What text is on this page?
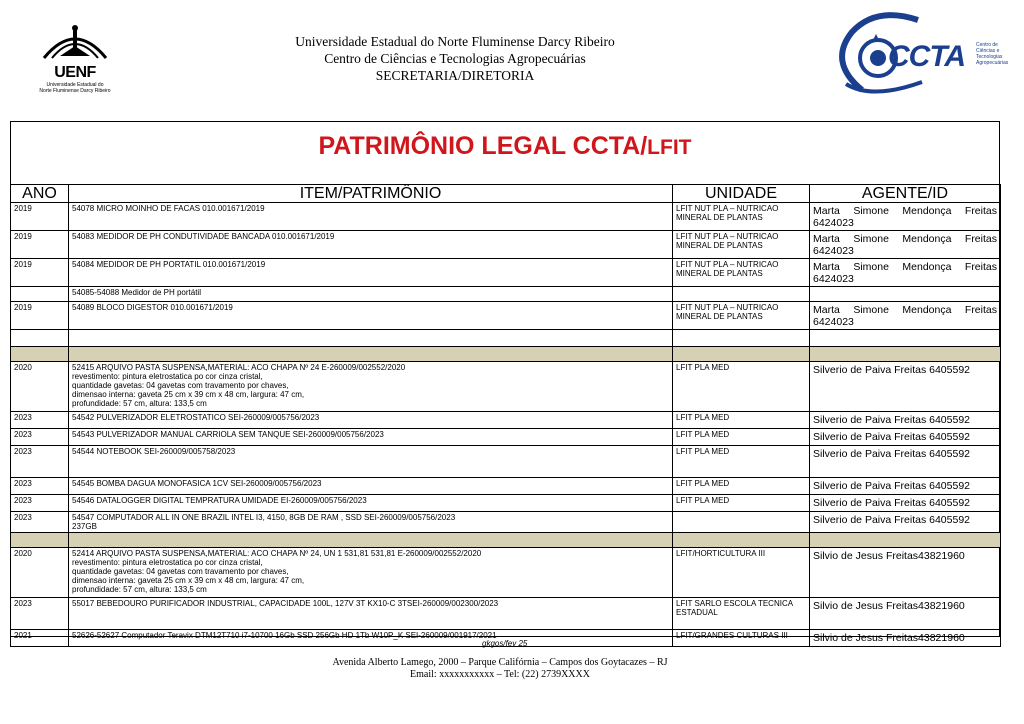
UENF
Universidade Estadual do
Norte Fluminense Darcy Ribeiro
Universidade Estadual do Norte Fluminense Darcy Ribeiro
Centro de Ciências e Tecnologias Agropecuárias
SECRETARIA/DIRETORIA
CCTA Centro de
Ciências e
Tecnologias
Agropecuárias
PATRIMÔNIO LEGAL CCTA/LFIT
ANO	ITEM/PATRIMÔNIO	UNIDADE	AGENTE/ID
2019	54078 MICRO MOINHO DE FACAS 010.001671/2019	LFIT NUT PLA – NUTRICAO MINERAL DE PLANTAS	Marta Simone Mendonça Freitas 6424023
2019	54083 MEDIDOR DE PH CONDUTIVIDADE BANCADA 010.001671/2019	LFIT NUT PLA – NUTRICAO MINERAL DE PLANTAS	Marta Simone Mendonça Freitas 6424023
2019	54084 MEDIDOR DE PH PORTATIL 010.001671/2019	LFIT NUT PLA – NUTRICAO MINERAL DE PLANTAS	Marta Simone Mendonça Freitas 6424023
	54085-54088 Medidor de PH portátil		
2019	54089 BLOCO DIGESTOR 010.001671/2019	LFIT NUT PLA – NUTRICAO MINERAL DE PLANTAS	Marta Simone Mendonça Freitas 6424023

2020	52415 ARQUIVO PASTA SUSPENSA,MATERIAL: ACO CHAPA Nº 24 E-260009/002552/2020
revestimento: pintura eletrostatica po cor cinza cristal,
quantidade gavetas: 04 gavetas com travamento por chaves,
dimensao interna: gaveta 25 cm x 39 cm x 48 cm, largura: 47 cm,
profundidade: 57 cm, altura: 133,5 cm	LFIT PLA MED	Silverio de Paiva Freitas 6405592
2023	54542 PULVERIZADOR ELETROSTATICO SEI-260009/005756/2023	LFIT PLA MED	Silverio de Paiva Freitas 6405592
2023	54543 PULVERIZADOR MANUAL CARRIOLA SEM TANQUE SEI-260009/005756/2023	LFIT PLA MED	Silverio de Paiva Freitas 6405592
2023	54544 NOTEBOOK SEI-260009/005758/2023	LFIT PLA MED	Silverio de Paiva Freitas 6405592
2023	54545 BOMBA DAGUA MONOFASICA 1CV SEI-260009/005756/2023	LFIT PLA MED	Silverio de Paiva Freitas 6405592
2023	54546 DATALOGGER DIGITAL TEMPRATURA UMIDADE EI-260009/005756/2023	LFIT PLA MED	Silverio de Paiva Freitas 6405592
2023	54547 COMPUTADOR ALL IN ONE BRAZIL INTEL I3, 4150, 8GB DE RAM , SSD SEI-260009/005756/2023
237GB		Silverio de Paiva Freitas 6405592

2020	52414 ARQUIVO PASTA SUSPENSA,MATERIAL: ACO CHAPA Nº 24, UN 1 531,81 531,81 E-260009/002552/2020
revestimento: pintura eletrostatica po cor cinza cristal,
quantidade gavetas: 04 gavetas com travamento por chaves,
dimensao interna: gaveta 25 cm x 39 cm x 48 cm, largura: 47 cm,
profundidade: 57 cm, altura: 133,5 cm	LFIT/HORTICULTURA III	Silvio de Jesus Freitas43821960
2023	55017 BEBEDOURO PURIFICADOR INDUSTRIAL, CAPACIDADE 100L, 127V 3T KX10-C 3TSEI-260009/002300/2023	LFIT SARLO ESCOLA TECNICA ESTADUAL	Silvio de Jesus Freitas43821960
2021	52626-52627 Computador Teravix DTM12T710 i7-10700 16Gb SSD 256Gb HD 1Tb W10P_K SEI-260009/001917/2021	LFIT/GRANDES CULTURAS III	Silvio de Jesus Freitas43821960
gkgos/fev 25
Avenida Alberto Lamego, 2000 – Parque Califórnia – Campos dos Goytacazes – RJ
Email: xxxxxxxxxxx – Tel: (22) 2739XXXX
